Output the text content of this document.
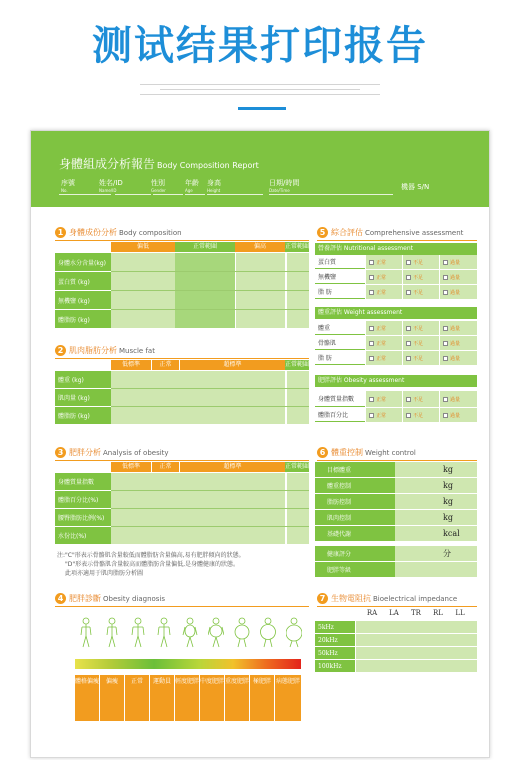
测试结果打印报告
身體組成分析報告 Body Composition Report
序號
No.
姓名/ID
Name/ID
性別
Gender
年齡
Age
身高
Height
日期/時間
Date/Time	機器 S/N
1 身體成份分析 Body composition
偏低	正常範圍	偏高	正常範圍
身體水分含量(kg)
蛋白質 (kg)
無機鹽 (kg)
體脂肪 (kg)
2 肌肉脂肪分析 Muscle fat
低標準	正常	超標準	正常範圍
體重 (kg)
肌肉量 (kg)
體脂肪 (kg)
3 肥胖分析 Analysis of obesity
低標準	正常	超標準	正常範圍
身體質量指數
體脂百分比(%)
腰臀脂肪比例(%)
水份比(%)
注:"C"形表示骨骼肌含量較低而體脂肪含量偏高,易有肥胖傾向的狀態。
"D"形表示骨骼肌含量較高而體脂肪含量偏低,是身體健康的狀態。
此項亦適用于肌肉脂肪分析圖
4 肥胖診斷 Obesity diagnosis
體格偏瘦	偏瘦	正常	運動員 輕度肥胖 中度肥胖 重度肥胖 極肥胖 病態肥胖
5 綜合評估 Comprehensive assessment
營養評估 Nutritional assessment
蛋白質	正常	不足	過量
無機鹽	正常	不足	過量
脂 肪	正常	不足	過量
體重評估 Weight assessment
體重	正常	不足	過量
骨骼肌	正常	不足	過量
脂 肪	正常	不足	過量
肥胖評估 Obesity assessment
身體質量指數	正常	不足	過量
體脂百分比	正常	不足	過量
6 體重控制 Weight control
目標體重	kg
體重控制	kg
脂肪控制	kg
肌肉控制	kg
基礎代謝	kcal
健康評分	分
肥胖等級
7 生物電阻抗 Bioelectrical impedance
RA	LA	TR	RL	LL
5kHz
20kHz
50kHz
100kHz
